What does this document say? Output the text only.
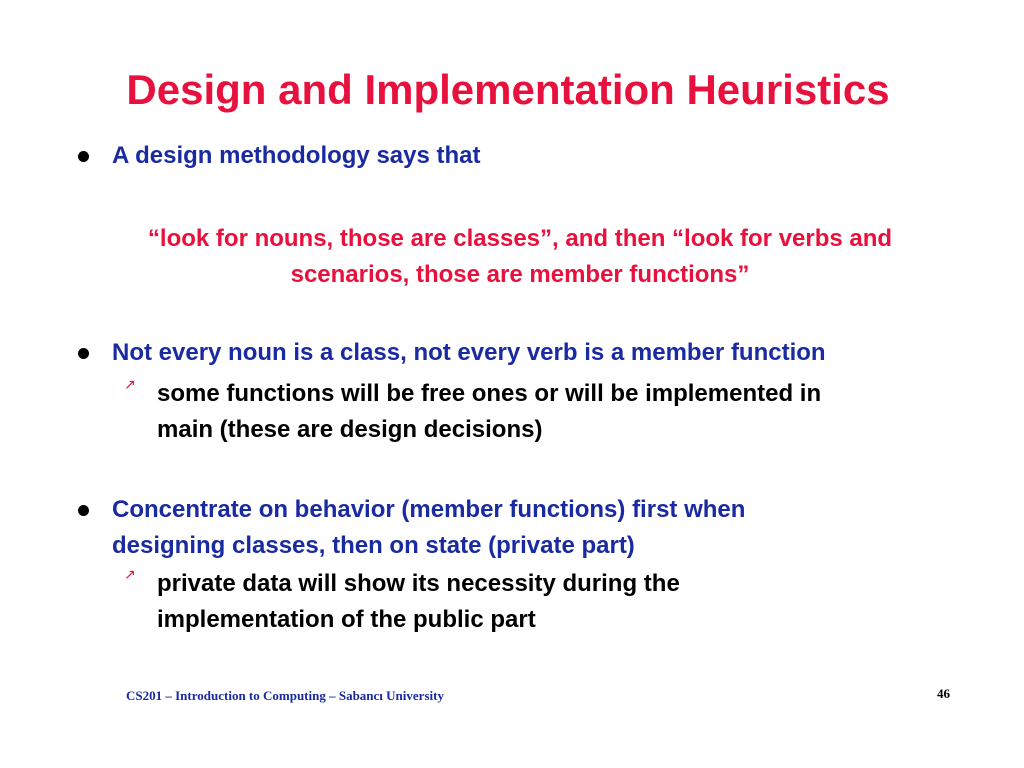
Design and Implementation Heuristics
A design methodology says that
“look for nouns, those are classes”, and then “look for verbs and
scenarios, those are member functions”
Not every noun is a class, not every verb is a member function
↗ some functions will be free ones or will be implemented in
main (these are design decisions)
Concentrate on behavior (member functions) first when
designing classes, then on state (private part)
↗ private data will show its necessity during the
implementation of the public part
CS201 – Introduction to Computing – Sabancı University	46
